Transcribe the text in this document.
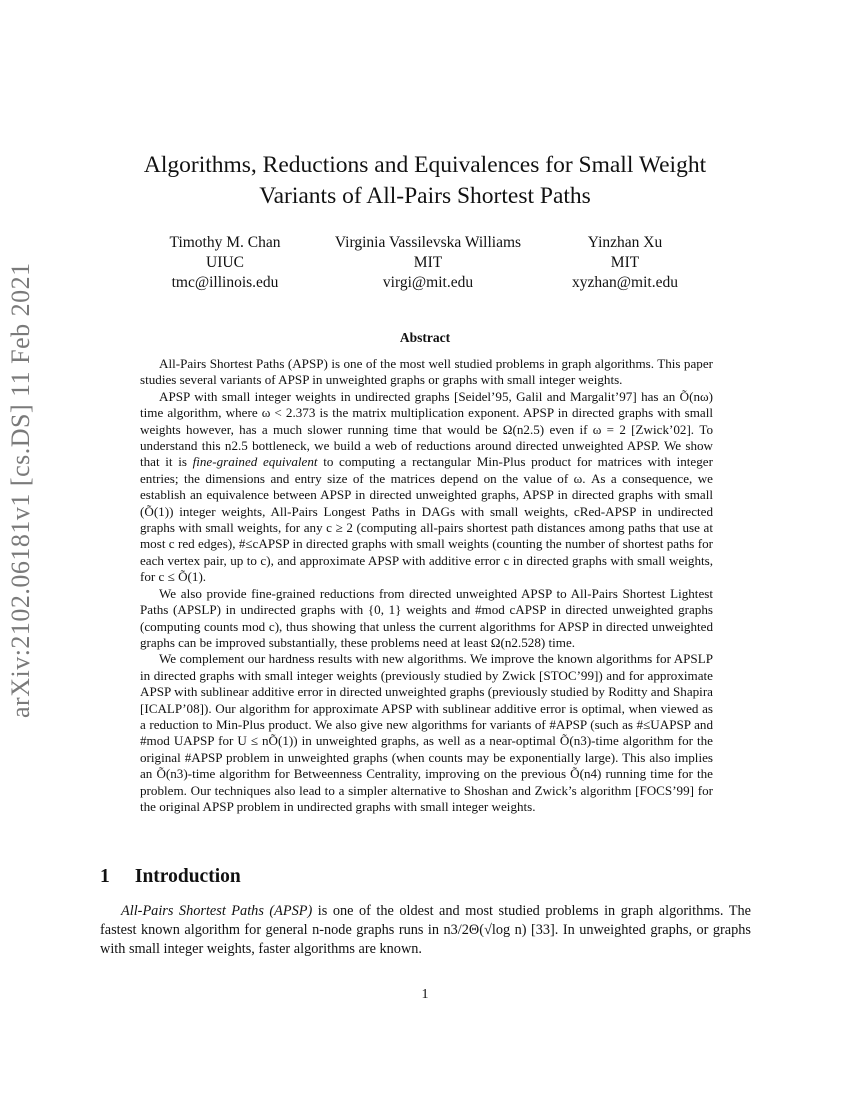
arXiv:2102.06181v1 [cs.DS] 11 Feb 2021
Algorithms, Reductions and Equivalences for Small Weight
Variants of All-Pairs Shortest Paths
Timothy M. Chan
UIUC
tmc@illinois.edu
Virginia Vassilevska Williams
MIT
virgi@mit.edu
Yinzhan Xu
MIT
xyzhan@mit.edu
Abstract

All-Pairs Shortest Paths (APSP) is one of the most well studied problems in graph algorithms. This paper studies several variants of APSP in unweighted graphs or graphs with small integer weights.

APSP with small integer weights in undirected graphs [Seidel’95, Galil and Margalit’97] has an Õ(nω) time algorithm, where ω < 2.373 is the matrix multiplication exponent. APSP in directed graphs with small weights however, has a much slower running time that would be Ω(n2.5) even if ω = 2 [Zwick’02]. To understand this n2.5 bottleneck, we build a web of reductions around directed unweighted APSP. We show that it is fine-grained equivalent to computing a rectangular Min-Plus product for matrices with integer entries; the dimensions and entry size of the matrices depend on the value of ω. As a consequence, we establish an equivalence between APSP in directed unweighted graphs, APSP in directed graphs with small (Õ(1)) integer weights, All-Pairs Longest Paths in DAGs with small weights, cRed-APSP in undirected graphs with small weights, for any c ≥ 2 (computing all-pairs shortest path distances among paths that use at most c red edges), #≤cAPSP in directed graphs with small weights (counting the number of shortest paths for each vertex pair, up to c), and approximate APSP with additive error c in directed graphs with small weights, for c ≤ Õ(1).

We also provide fine-grained reductions from directed unweighted APSP to All-Pairs Shortest Lightest Paths (APSLP) in undirected graphs with {0, 1} weights and #mod cAPSP in directed unweighted graphs (computing counts mod c), thus showing that unless the current algorithms for APSP in directed unweighted graphs can be improved substantially, these problems need at least Ω(n2.528) time.

We complement our hardness results with new algorithms. We improve the known algorithms for APSLP in directed graphs with small integer weights (previously studied by Zwick [STOC’99]) and for approximate APSP with sublinear additive error in directed unweighted graphs (previously studied by Roditty and Shapira [ICALP’08]). Our algorithm for approximate APSP with sublinear additive error is optimal, when viewed as a reduction to Min-Plus product. We also give new algorithms for variants of #APSP (such as #≤UAPSP and #mod UAPSP for U ≤ nÕ(1)) in unweighted graphs, as well as a near-optimal Õ(n3)-time algorithm for the original #APSP problem in unweighted graphs (when counts may be exponentially large). This also implies an Õ(n3)-time algorithm for Betweenness Centrality, improving on the previous Õ(n4) running time for the problem. Our techniques also lead to a simpler alternative to Shoshan and Zwick’s algorithm [FOCS’99] for the original APSP problem in undirected graphs with small integer weights.

1 Introduction

All-Pairs Shortest Paths (APSP) is one of the oldest and most studied problems in graph algorithms. The fastest known algorithm for general n-node graphs runs in n3/2Θ(√log n) [33]. In unweighted graphs, or graphs with small integer weights, faster algorithms are known.

1
